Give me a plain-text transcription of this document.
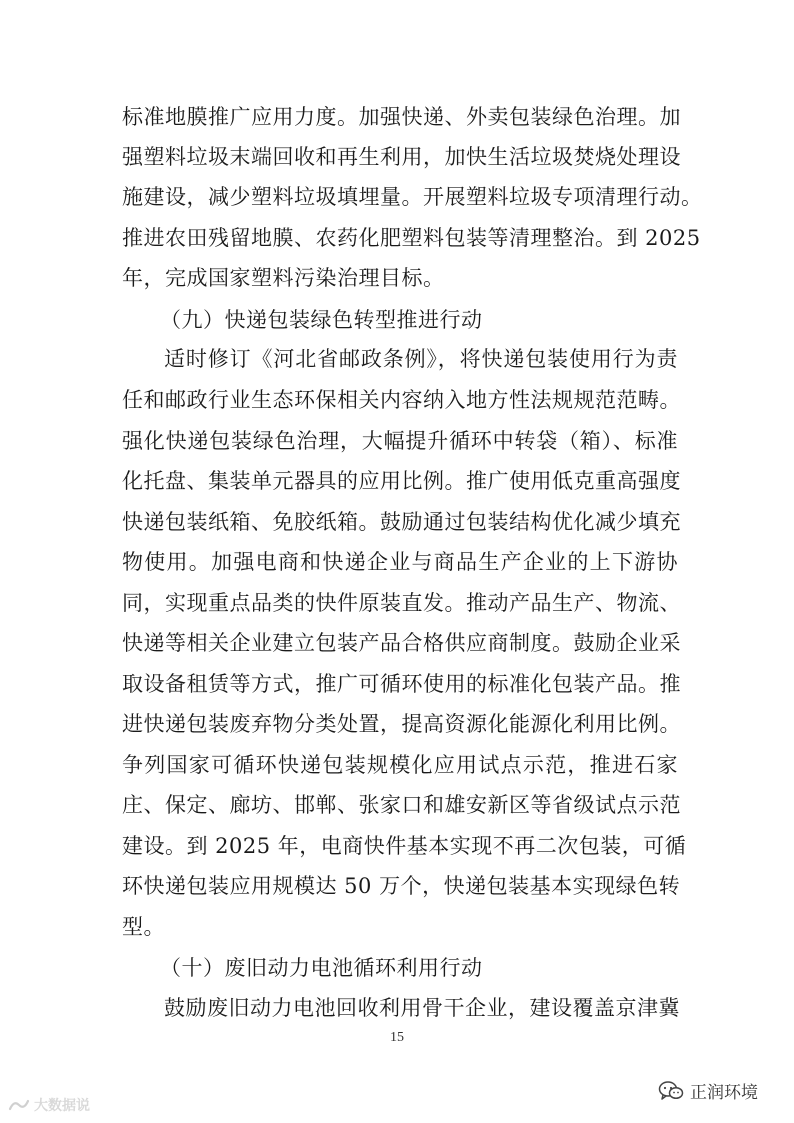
标准地膜推广应用力度。加强快递、外卖包装绿色治理。加
强塑料垃圾末端回收和再生利用，加快生活垃圾焚烧处理设
施建设，减少塑料垃圾填埋量。开展塑料垃圾专项清理行动。
推进农田残留地膜、农药化肥塑料包装等清理整治。到 2025
年，完成国家塑料污染治理目标。
（九）快递包装绿色转型推进行动
适时修订《河北省邮政条例》，将快递包装使用行为责
任和邮政行业生态环保相关内容纳入地方性法规规范范畴。
强化快递包装绿色治理，大幅提升循环中转袋（箱）、标准
化托盘、集装单元器具的应用比例。推广使用低克重高强度
快递包装纸箱、免胶纸箱。鼓励通过包装结构优化减少填充
物使用。加强电商和快递企业与商品生产企业的上下游协
同，实现重点品类的快件原装直发。推动产品生产、物流、
快递等相关企业建立包装产品合格供应商制度。鼓励企业采
取设备租赁等方式，推广可循环使用的标准化包装产品。推
进快递包装废弃物分类处置，提高资源化能源化利用比例。
争列国家可循环快递包装规模化应用试点示范，推进石家
庄、保定、廊坊、邯郸、张家口和雄安新区等省级试点示范
建设。到 2025 年，电商快件基本实现不再二次包装，可循
环快递包装应用规模达 50 万个，快递包装基本实现绿色转
型。
（十）废旧动力电池循环利用行动
鼓励废旧动力电池回收利用骨干企业，建设覆盖京津冀
15
大数据说
正润环境
